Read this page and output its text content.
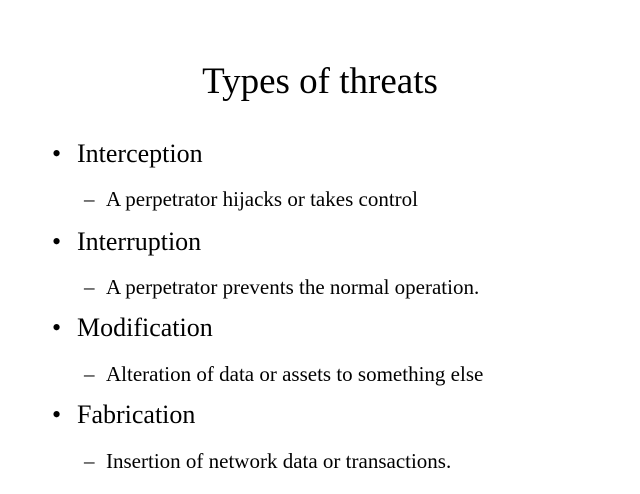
Types of threats
• Interception
– A perpetrator hijacks or takes control
• Interruption
– A perpetrator prevents the normal operation.
• Modification
– Alteration of data or assets to something else
• Fabrication
– Insertion of network data or transactions.
